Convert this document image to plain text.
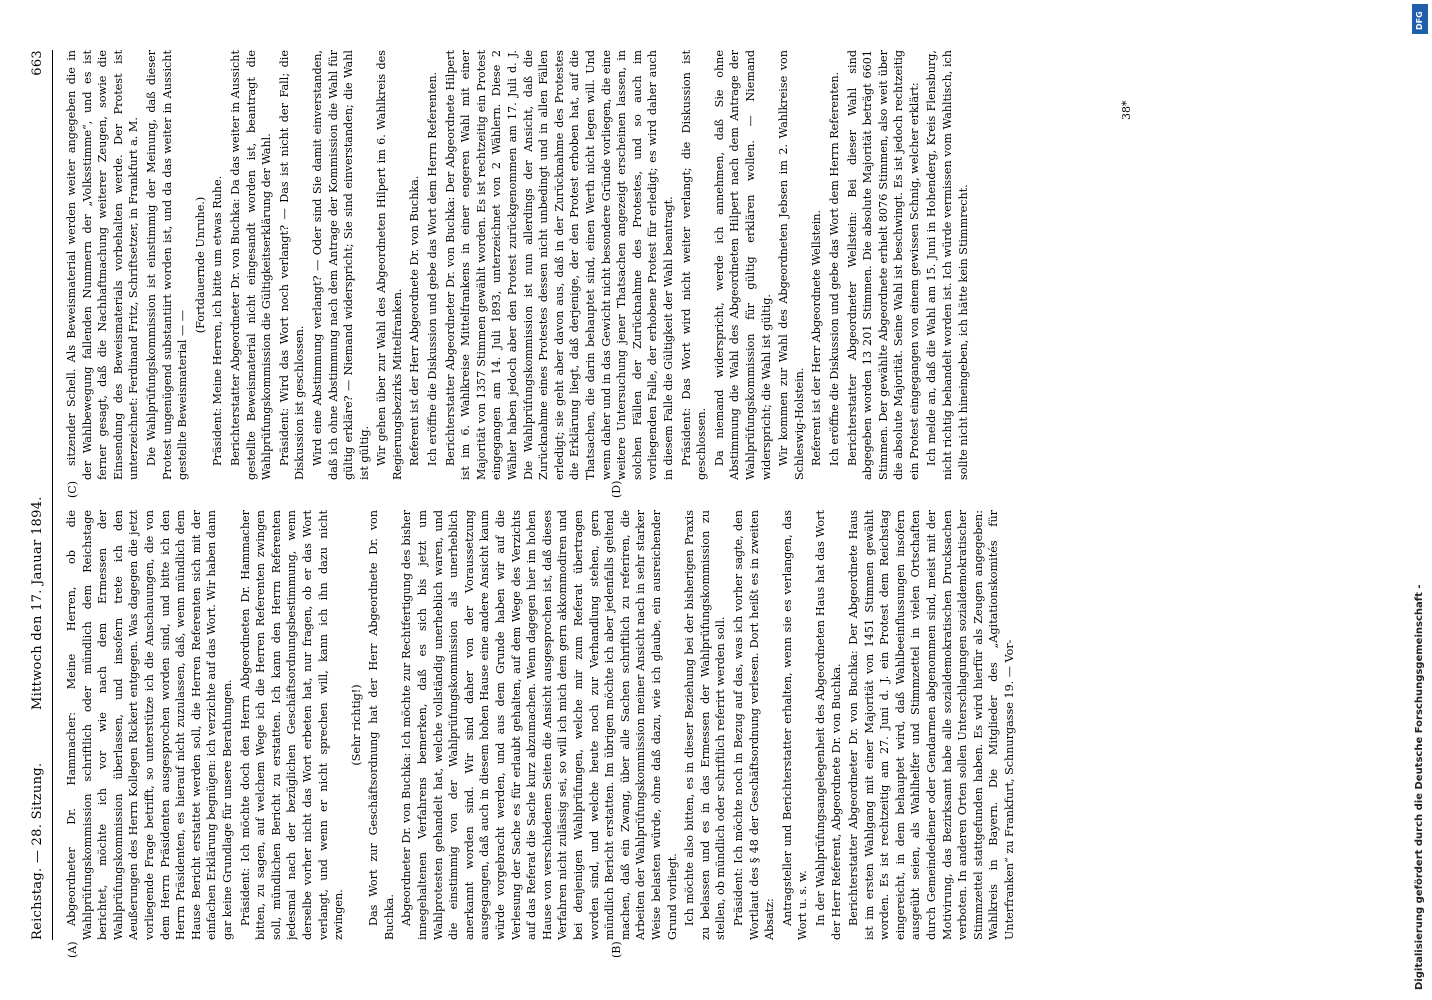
Reichstag. — 28. Sitzung.
Mittwoch den 17. Januar 1894.
663
(A)	(B)
(C)	(D)

Abgeordneter Dr. Hammacher: Meine Herren, ob die Wahlprüfungskommission schriftlich oder mündlich dem Reichstage berichtet, möchte ich vor wie nach dem Ermessen der Wahlprüfungskommission überlassen, und insofern trete ich den Aeußerungen des Herrn Kollegen Rickert entgegen. Was dagegen die jetzt vorliegende Frage betrifft, so unterstütze ich die Anschauungen, die von dem Herrn Präsidenten ausgesprochen worden sind, und bitte ich den Herrn Präsidenten, es hierauf nicht zuzulassen, daß, wenn mündlich dem Hause Bericht erstattet werden soll, die Herren Referenten sich mit der einfachen Erklärung begnügen: ich verzichte auf das Wort. Wir haben dann gar keine Grundlage für unsere Berathungen. Präsident: Ich möchte doch den Herrn Abgeordneten Dr. Hammacher bitten, zu sagen, auf welchem Wege ich die Herren Referenten zwingen soll, mündlichen Bericht zu erstatten. Ich kann den Herrn Referenten jedesmal nach der bezüglichen Geschäftsordnungsbestimmung, wenn derselbe vorher nicht das Wort erbeten hat, nur fragen, ob er das Wort verlangt, und wenn er nicht sprechen will, kann ich ihn dazu nicht zwingen.

(Sehr richtig!) Das Wort zur Geschäftsordnung hat der Herr Abgeordnete Dr. von Buchka. Abgeordneter Dr. von Buchka: Ich möchte zur Rechtfertigung des bisher innegehaltenen Verfahrens bemerken, daß es sich bis jetzt um Wahlprotesten gehandelt hat, welche vollständig unerheblich waren, und die einstimmig von der Wahlprüfungskommission als unerheblich anerkannt worden sind. Wir sind daher von der Voraussetzung ausgegangen, daß auch in diesem hohen Hause eine andere Ansicht kaum würde vorgebracht werden, und aus dem Grunde haben wir auf die Verlesung der Sache es für erlaubt gehalten, auf dem Wege des Verzichts auf das Referat die Sache kurz abzumachen. Wenn dagegen hier im hohen Hause von verschiedenen Seiten die Ansicht ausgesprochen ist, daß dieses Verfahren nicht zulässig sei, so will ich mich dem gern akkommodiren und bei denjenigen Wahlprüfungen, welche mir zum Referat übertragen worden sind, und welche heute noch zur Verhandlung stehen, gern mündlich Bericht erstatten. Im übrigen möchte ich aber jedenfalls geltend machen, daß ein Zwang, über alle Sachen schriftlich zu referiren, die Arbeiten der Wahlprüfungskommission meiner Ansicht nach in sehr starker Weise belasten würde, ohne daß dazu, wie ich glaube, ein ausreichender Grund vorliegt. Ich möchte also bitten, es in dieser Beziehung bei der bisherigen Praxis zu belassen und es in das Ermessen der Wahlprüfungskommission zu stellen, ob mündlich oder schriftlich referirt werden soll. Präsident: Ich möchte noch in Bezug auf das, was ich vorher sagte, den Wortlaut des § 48 der Geschäftsordnung verlesen. Dort heißt es in zweiten Absatz: Antragsteller und Berichterstatter erhalten, wenn sie es verlangen, das Wort u. s. w. In der Wahlprüfungsangelegenheit des Abgeordneten Haus hat das Wort der Herr Referent, Abgeordnete Dr. von Buchka. Berichterstatter Abgeordneter Dr. von Buchka: Der Abgeordnete Haus ist im ersten Wahlgang mit einer Majorität von 1451 Stimmen gewählt worden. Es ist rechtzeitig am 27. Juni d. J. ein Protest dem Reichstag eingereicht, in dem behauptet wird, daß Wahlbeeinflussungen insofern ausgeübt seien, als Wahlhelfer und Stimmzettel in vielen Ortschaften durch Gemeindediener oder Gendarmen abgenommen sind, meist mit der Motivirung, das Bezirksamt habe alle sozialdemokratischen Drucksachen verboten. In anderen Orten sollen Unterschlagungen sozialdemokratischer Stimmzettel stattgefunden haben. Es wird hierfür als Zeugen angegeben: Wahlkreis in Bayern. Die Mitglieder des „Agitationskomités für Unterfranken“ zu Frankfurt, Schnurgasse 19. — Vor-

sitzender Schell. Als Beweismaterial werden weiter angegeben die in der Wahlbewegung fallenden Nummern der „Volksstimme“, und es ist ferner gesagt, daß die Nachhaftmachung weiterer Zeugen, sowie die Einsendung des Beweismaterials vorbehalten werde. Der Protest ist unterzeichnet: Ferdinand Fritz, Schriftsetzer, in Frankfurt a. M. Die Wahlprüfungskommission ist einstimmig der Meinung, daß dieser Protest ungenügend substantiirt worden ist, und da das weiter in Aussicht gestellte Beweismaterial — —

(Fortdauernde Unruhe.) Präsident: Meine Herren, ich bitte um etwas Ruhe. Berichterstatter Abgeordneter Dr. von Buchka: Da das weiter in Aussicht gestellte Beweismaterial nicht eingesandt worden ist, beantragt die Wahlprüfungskommission die Gültigkeitserklärung der Wahl. Präsident: Wird das Wort noch verlangt? — Das ist nicht der Fall; die Diskussion ist geschlossen. Wird eine Abstimmung verlangt? — Oder sind Sie damit einverstanden, daß ich ohne Abstimmung nach dem Antrage der Kommission die Wahl für gültig erkläre? — Niemand widerspricht; Sie sind einverstanden; die Wahl ist gültig. Wir gehen über zur Wahl des Abgeordneten Hilpert im 6. Wahlkreis des Regierungsbezirks Mittelfranken. Referent ist der Herr Abgeordnete Dr. von Buchka. Ich eröffne die Diskussion und gebe das Wort dem Herrn Referenten. Berichterstatter Abgeordneter Dr. von Buchka: Der Abgeordnete Hilpert ist im 6. Wahlkreise Mittelfrankens in einer engeren Wahl mit einer Majorität von 1357 Stimmen gewählt worden. Es ist rechtzeitig ein Protest eingegangen am 14. Juli 1893, unterzeichnet von 2 Wählern. Diese 2 Wähler haben jedoch aber den Protest zurückgenommen am 17. Juli d. J. Die Wahlprüfungskommission ist nun allerdings der Ansicht, daß die Zurücknahme eines Protestes dessen nicht unbedingt und in allen Fällen erledigt; sie geht aber davon aus, daß in der Zurücknahme des Protestes die Erklärung liegt, daß derjenige, der den Protest erhoben hat, auf die Thatsachen, die darin behauptet sind, einen Werth nicht legen will. Und wenn daher und in das Gewicht nicht besondere Gründe vorliegen, die eine weitere Untersuchung jener Thatsachen angezeigt erscheinen lassen, in solchen Fällen der Zurücknahme des Protestes, und so auch im vorliegenden Falle, der erhobene Protest für erledigt; es wird daher auch in diesem Falle die Gültigkeit der Wahl beantragt. Präsident: Das Wort wird nicht weiter verlangt; die Diskussion ist geschlossen. Da niemand widerspricht, werde ich annehmen, daß Sie ohne Abstimmung die Wahl des Abgeordneten Hilpert nach dem Antrage der Wahlprüfungskommission für gültig erklären wollen. — Niemand widerspricht; die Wahl ist gültig. Wir kommen zur Wahl des Abgeordneten Jebsen im 2. Wahlkreise von Schleswig-Holstein. Referent ist der Herr Abgeordnete Wellstein. Ich eröffne die Diskussion und gebe das Wort dem Herrn Referenten. Berichterstatter Abgeordneter Wellstein: Bei dieser Wahl sind abgegeben worden 13 201 Stimmen. Die absolute Majorität beträgt 6601 Stimmen. Der gewählte Abgeordnete erhielt 8076 Stimmen, also weit über die absolute Majorität. Seine Wahl ist beschwingt. Es ist jedoch rechtzeitig ein Protest eingegangen von einem gewissen Schnig, welcher erklärt: Ich melde an, daß die Wahl am 15. Juni in Hohenderg, Kreis Flensburg, nicht richtig behandelt worden ist. Ich würde vermissen vom Wahltisch, ich sollte nicht hineingeben, ich hätte kein Stimmrecht.

38*
Digitalisierung gefördert durch die Deutsche Forschungsgemeinschaft -
DFG
